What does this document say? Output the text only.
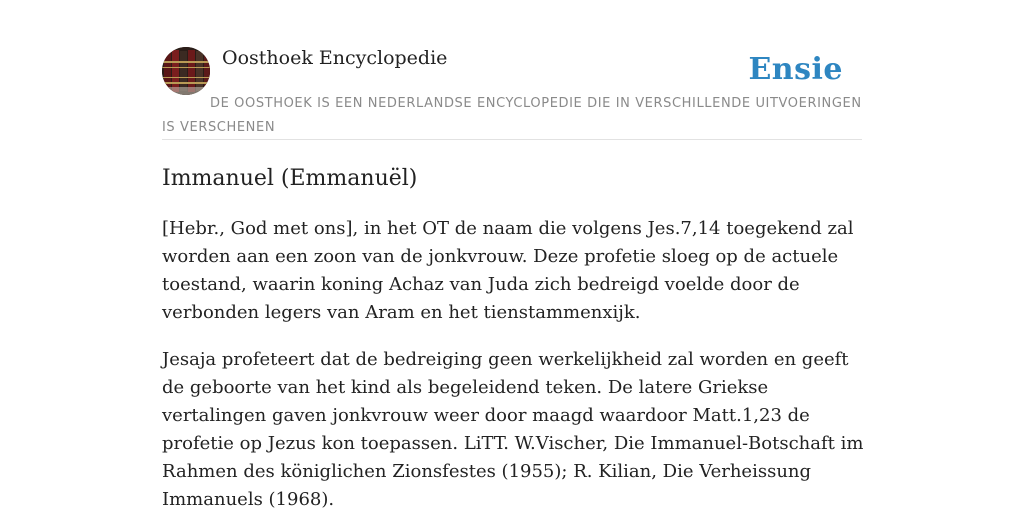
Oosthoek Encyclopedie	Ensie
DE OOSTHOEK IS EEN NEDERLANDSE ENCYCLOPEDIE DIE IN VERSCHILLENDE UITVOERINGEN IS VERSCHENEN
Immanuel (Emmanuël)

[Hebr., God met ons], in het OT de naam die volgens Jes.7,14 toegekend zal worden aan een zoon van de jonkvrouw. Deze profetie sloeg op de actuele toestand, waarin koning Achaz van Juda zich bedreigd voelde door de verbonden legers van Aram en het tienstammenxijk.

Jesaja profeteert dat de bedreiging geen werkelijkheid zal worden en geeft de geboorte van het kind als begeleidend teken. De latere Griekse vertalingen gaven jonkvrouw weer door maagd waardoor Matt.1,23 de profetie op Jezus kon toepassen. LiTT. W.Vischer, Die Immanuel-Botschaft im Rahmen des königlichen Zionsfestes (1955); R. Kilian, Die Verheissung Immanuels (1968).
